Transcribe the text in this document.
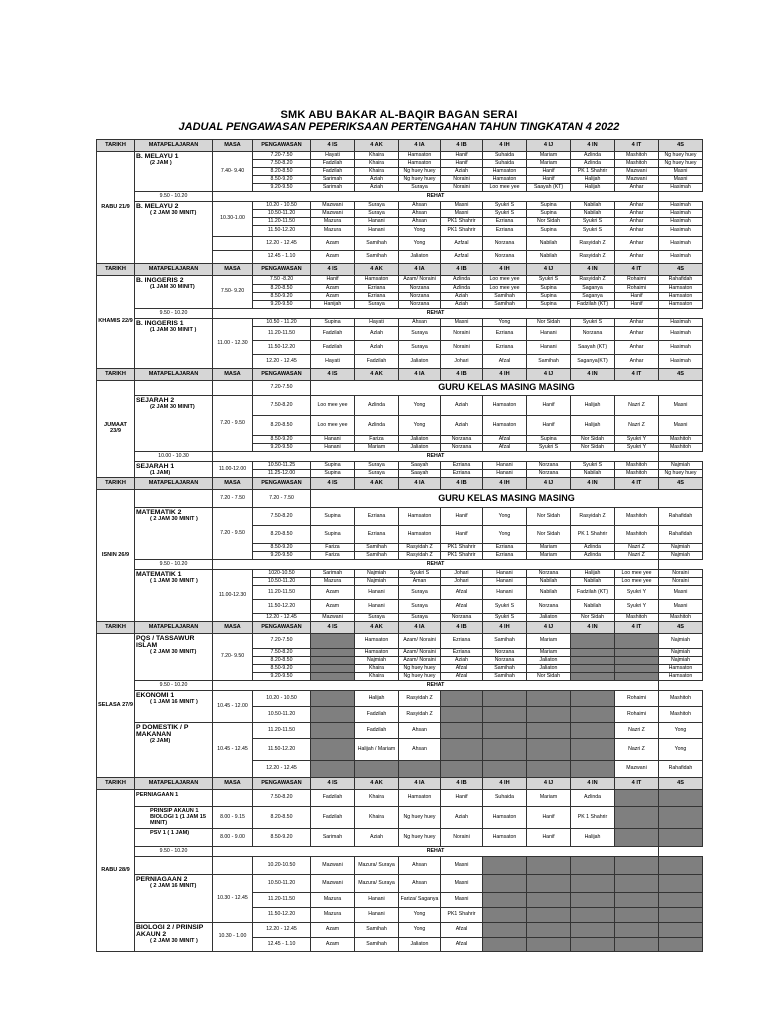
SMK ABU BAKAR AL-BAQIR BAGAN SERAI
JADUAL PENGAWASAN PEPERIKSAAN PERTENGAHAN TAHUN TINGKATAN 4 2022
TARIKH	MATAPELAJARAN	MASA	PENGAWASAN	4 IS	4 AK	4 IA	4 IB	4 IH	4 IJ	4 IN	4 IT	4S
RABU 21/9	B. MELAYU 1
(2 JAM )	7.40- 9.40	7.20-7.50	Hayati	Khaira	Hamsaton	Hanif	Suhaida	Mariam	Azlinda	Mashitoh	Ng huey huey
			7.50-8.20	Fadzilah	Khaira	Hamsaton	Hanif	Suhaida	Mariam	Azlinda	Mashitoh	Ng huey huey
			8.20-8.50	Fadzilah	Khaira	Ng huey huey	Aziah	Hamsaton	Hanif	PK 1 Shahrir	Mazwani	Masni
			8.50-9.20	Sarimah	Aziah	Ng huey huey	Noraini	Hamsaton	Hanif	Halijah	Mazwani	Masni
			9.20-9.50	Sarimah	Aziah	Suraya	Noraini	Loo mee yee	Saayah (KT)	Halijah	Anhar	Hasimah
	9.50 - 10.20	REHAT										
	B. MELAYU 2
( 2 JAM 30 MINIT)	10.30-1.00	10.20 - 10.50	Mazwani	Suraya	Ahsan	Masni	Syukri S	Supina	Nabilah	Anhar	Hasimah
			10.50-11.20	Mazwani	Suraya	Ahsan	Masni	Syukri S	Supina	Nabilah	Anhar	Hasimah
			11.20-11.50	Mazura	Hanani	Ahsan	PK1 Shahrir	Ezriana	Nor Sidah	Syukri S	Anhar	Hasimah
			11.50-12.20	Mazura	Hanani	Yong	PK1 Shahrir	Ezriana	Supina	Syukri S	Anhar	Hasimah
			12.20 - 12.45	Azam	Samihah	Yong	Azfzal	Norzana	Nabilah	Rasyidah Z	Anhar	Hasimah
			12.45 - 1.10	Azam	Samihah	Jaliaton	Azfzal	Norzana	Nabilah	Rasyidah Z	Anhar	Hasimah
TARIKH	MATAPELAJARAN	MASA	PENGAWASAN	4 IS	4 AK	4 IA	4 IB	4 IH	4 IJ	4 IN	4 IT	4S
KHAMIS 22/9	B. INGGERIS 2
(1 JAM 30 MINIT)	7.50- 9.20	7.50 -8.20	Hanif	Hamsaton	Azam/ Noraini	Azlinda	Loo mee yee	Syukri S	Rasyidah Z	Rohaimi	Rahafidah
			8.20-8.50	Azam	Ezriana	Norzana	Azlinda	Loo mee yee	Supina	Saganya	Rohaimi	Hamsaton
			8.50-9.20	Azam	Ezriana	Norzana	Aziah	Samihah	Supina	Saganya	Hanif	Hamsaton
			9.20-9.50	Hanijah	Suraya	Norzana	Aziah	Samihah	Supina	Fadzilah (KT)	Hanif	Hamsaton
	9.50 - 10.20	REHAT										
	B. INGGERIS 1
(1 JAM 30 MINIT )	11.00 - 12.30	10.50 - 11.20	Supina	Hayati	Ahsan	Masni	Yong	Nor Sidah	Syukri S	Anhar	Hasimah
			11.20-11.50	Fadzilah	Azlah	Suraya	Noraini	Ezriana	Hanani	Norzana	Anhar	Hasimah
			11.50-12.20	Fadzilah	Azlah	Suraya	Noraini	Ezriana	Hanani	Saayah (KT)	Anhar	Hasimah
			12.20 - 12.45	Hayati	Fadzilah	Jaliaton	Johari	Afzal	Samihah	Saganya(KT)	Anhar	Hasimah
TARIKH	MATAPELAJARAN	MASA	PENGAWASAN	4 IS	4 AK	4 IA	4 IB	4 IH	4 IJ	4 IN	4 IT	4S
JUMAAT 23/9			7.20-7.50	GURU KELAS MASING MASING								
	SEJARAH 2
(2 JAM 30 MINIT)	7.20 - 9.50	7.50-8.20	Loo mee yee	Azlinda	Yong	Aziah	Hamsaton	Hanif	Halijah	Nazri Z	Masni
			8.20-8.50	Loo mee yee	Azlinda	Yong	Aziah	Hamsaton	Hanif	Halijah	Nazri Z	Masni
			8.50-9.20	Hanani	Fariza	Jaliaton	Norzana	Afzal	Supina	Nor Sidah	Syukri Y	Mashitoh
			9.20-9.50	Hanani	Mariam	Jaliaton	Norzana	Afzal	Syukri S	Nor Sidah	Syukri Y	Mashitoh
	10.00 - 10.30	REHAT										
	SEJARAH 1
(1 JAM)	11.00-12.00	10.50-11.25	Supina	Suraya	Saayah	Ezriana	Hanani	Norzana	Syukri S	Mashitoh	Najmiah
			11.25-12.00	Supina	Suraya	Saayah	Ezriana	Hanani	Norzana	Nabilah	Mashitoh	Ng huey huey
TARIKH	MATAPELAJARAN	MASA	PENGAWASAN	4 IS	4 AK	4 IA	4 IB	4 IH	4 IJ	4 IN	4 IT	4S
ISNIN 26/9		7.20 - 7.50	7.20 - 7.50	GURU KELAS MASING MASING								
	MATEMATIK 2
( 2 JAM 30 MINIT )	7.20 - 9.50	7.50-8.20	Supina	Ezriana	Hamsaton	Hanif	Yong	Nor Sidah	Rasyidah Z	Mashitoh	Rahafidah
			8.20-8.50	Supina	Ezriana	Hamsaton	Hanif	Yong	Nor Sidah	PK 1 Shahrir	Mashitoh	Rahafidah
			8.50-9.20	Fariza	Samihah	Rasyidah Z	PK1 Shahrir	Ezriana	Mariam	Azlinda	Nazri Z	Najmiah
			9.20-9.50	Fariza	Samihah	Rasyidah Z	PK1 Shahrir	Ezriana	Mariam	Azlinda	Nazri Z	Najmiah
	9.50 - 10.20	REHAT										
	MATEMATIK 1
( 1 JAM 30 MINIT )	11.00-12.30	1020-10.50	Sarimah	Najmiah	Syukri S	Johari	Hanani	Norzana	Halijah	Loo mee yee	Noraini
			10.50-11.20	Mazura	Najmiah	Aman	Johari	Hanani	Nabilah	Nabilah	Loo mee yee	Noraini
			11.20-11.50	Azam	Hanani	Suraya	Afzal	Hanani	Nabilah	Fadzilah (KT)	Syukri Y	Masni
			11.50-12.20	Azam	Hanani	Suraya	Afzal	Syukri S	Norzana	Nabilah	Syukri Y	Masni
			12.20 - 12.45	Mazwani	Suraya	Suraya	Norzana	Syukri S	Jaliaton	Nor Sidah	Mashitoh	Mashitoh
TARIKH	MATAPELAJARAN	MASA	PENGAWASAN	4 IS	4 AK	4 IA	4 IB	4 IH	4 IJ	4 IN	4 IT	4S
SELASA 27/9	PQS / TASSAWUR ISLAM
( 2 JAM 30 MINIT)	7.20- 9.50	7.20-7.50		Hamsaton	Azam/ Noraini	Ezriana	Samihah	Mariam			Najmiah
			7.50-8.20		Hamsaton	Azam/ Noraini	Ezriana	Norzana	Mariam			Najmiah
			8.20-8.50		Najmiah	Azam/ Noraini	Aziah	Norzana	Jaliaton			Najmiah
			8.50-9.20		Khaira	Ng huey huey	Afzal	Samihah	Jaliaton			Hamsaton
			9.20-9.50		Khaira	Ng huey huey	Afzal	Samihah	Nor Sidah			Hamsaton
	9.50 - 10.20	REHAT										
	EKONOMI 1
( 1 JAM 16 MINIT )	10.45 - 12.00	10.20 - 10.50		Halijah	Rasyidah Z					Rohaimi	Mashitoh
			10.50-11.20		Fadzilah	Rasyidah Z					Rohaimi	Mashitoh
	P DOMESTIK / P MAKANAN
(2 JAM)	10.45 - 12.45	11.20-11.50		Fadzilah	Ahsan					Nazri Z	Yong
			11.50-12.20		Halijah / Mariam	Ahsan					Nazri Z	Yong
			12.20 - 12.45								Mazwani	Rahafidah
TARIKH	MATAPELAJARAN	MASA	PENGAWASAN	4 IS	4 AK	4 IA	4 IB	4 IH	4 IJ	4 IN	4 IT	4S
RABU 28/9	PERNIAGAAN 1		7.50-8.20	Fadzilah	Khaira	Hamsaton	Hanif	Suhaida	Mariam	Azlinda		

	PRINSIP AKAUN 1 BIOLOGI 1 (1 JAM 15 MINIT)	8.00 - 9.15	8.20-8.50	Fadzilah	Khaira	Ng huey huey	Aziah	Hamsaton	Hanif	PK 1 Shahrir		

	PSV 1 ( 1 JAM)	8.00 - 9.00	8.50-9.20	Sarimah	Aziah	Ng huey huey	Noraini	Hamsaton	Hanif	Halijah		
	9.50 - 10.20	REHAT										

			10.20-10.50	Mazwani	Mazura/ Suraya	Ahsan	Masni					
	PERNIAGAAN 2
( 2 JAM 16 MINIT)	10.30 - 12.45	10.50-11.20	Mazwani	Mazura/ Suraya	Ahsan	Masni					
			11.20-11.50	Mazura	Hanani	Fariza/ Saganya	Masni					
			11.50-12.20	Mazura	Hanani	Yong	PK1 Shahrir					
	BIOLOGI 2 / PRINSIP AKAUN 2
( 2 JAM 30 MINIT )	10.30 - 1.00	12.20 - 12.45	Azam	Samihah	Yong	Afzal					
			12.45 - 1.10	Azam	Samihah	Jaliaton	Afzal					
